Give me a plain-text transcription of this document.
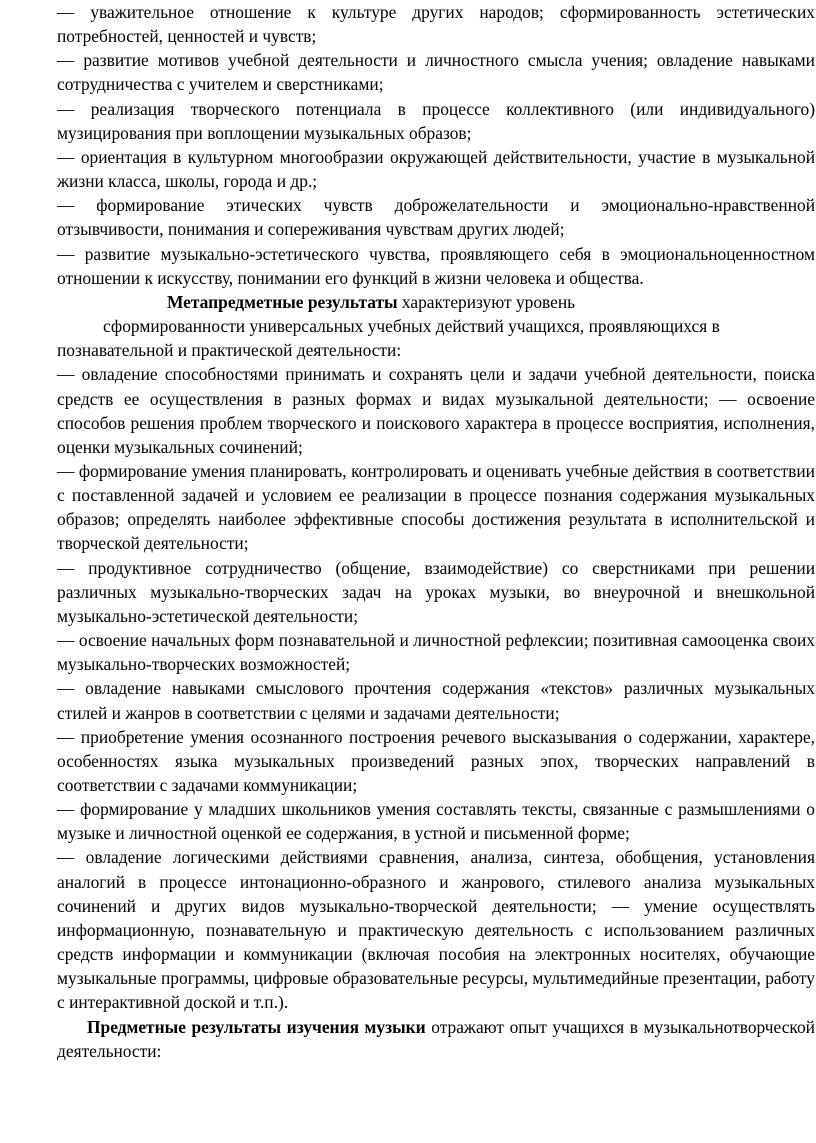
— уважительное отношение к культуре других народов; сформированность эстетических потребностей, ценностей и чувств;

— развитие мотивов учебной деятельности и личностного смысла учения; овладение навыками сотрудничества с учителем и сверстниками;

— реализация творческого потенциала в процессе коллективного (или индивидуального) музицирования при воплощении музыкальных образов;

— ориентация в культурном многообразии окружающей действительности, участие в музыкальной жизни класса, школы, города и др.;

— формирование этических чувств доброжелательности и эмоционально-нравственной отзывчивости, понимания и сопереживания чувствам других людей;

— развитие музыкально-эстетического чувства, проявляющего себя в эмоциональноценностном отношении к искусству, понимании его функций в жизни человека и общества.

Метапредметные результаты характеризуют уровень

сформированности универсальных учебных действий учащихся, проявляющихся в

познавательной и практической деятельности:

— овладение способностями принимать и сохранять цели и задачи учебной деятельности, поиска средств ее осуществления в разных формах и видах музыкальной деятельности; — освоение способов решения проблем творческого и поискового характера в процессе восприятия, исполнения, оценки музыкальных сочинений;

— формирование умения планировать, контролировать и оценивать учебные действия в соответствии с поставленной задачей и условием ее реализации в процессе познания содержания музыкальных образов; определять наиболее эффективные способы достижения результата в исполнительской и творческой деятельности;

— продуктивное сотрудничество (общение, взаимодействие) со сверстниками при решении различных музыкально-творческих задач на уроках музыки, во внеурочной и внешкольной музыкально-эстетической деятельности;

— освоение начальных форм познавательной и личностной рефлексии; позитивная самооценка своих музыкально-творческих возможностей;

— овладение навыками смыслового прочтения содержания «текстов» различных музыкальных стилей и жанров в соответствии с целями и задачами деятельности;

— приобретение умения осознанного построения речевого высказывания о содержании, характере, особенностях языка музыкальных произведений разных эпох, творческих направлений в соответствии с задачами коммуникации;

— формирование у младших школьников умения составлять тексты, связанные с размышлениями о музыке и личностной оценкой ее содержания, в устной и письменной форме;

— овладение логическими действиями сравнения, анализа, синтеза, обобщения, установления аналогий в процессе интонационно-образного и жанрового, стилевого анализа музыкальных сочинений и других видов музыкально-творческой деятельности; — умение осуществлять информационную, познавательную и практическую деятельность с использованием различных средств информации и коммуникации (включая пособия на электронных носителях, обучающие музыкальные программы, цифровые образовательные ресурсы, мультимедийные презентации, работу с интерактивной доской и т.п.).

Предметные результаты изучения музыки отражают опыт учащихся в музыкальнотворческой деятельности:
